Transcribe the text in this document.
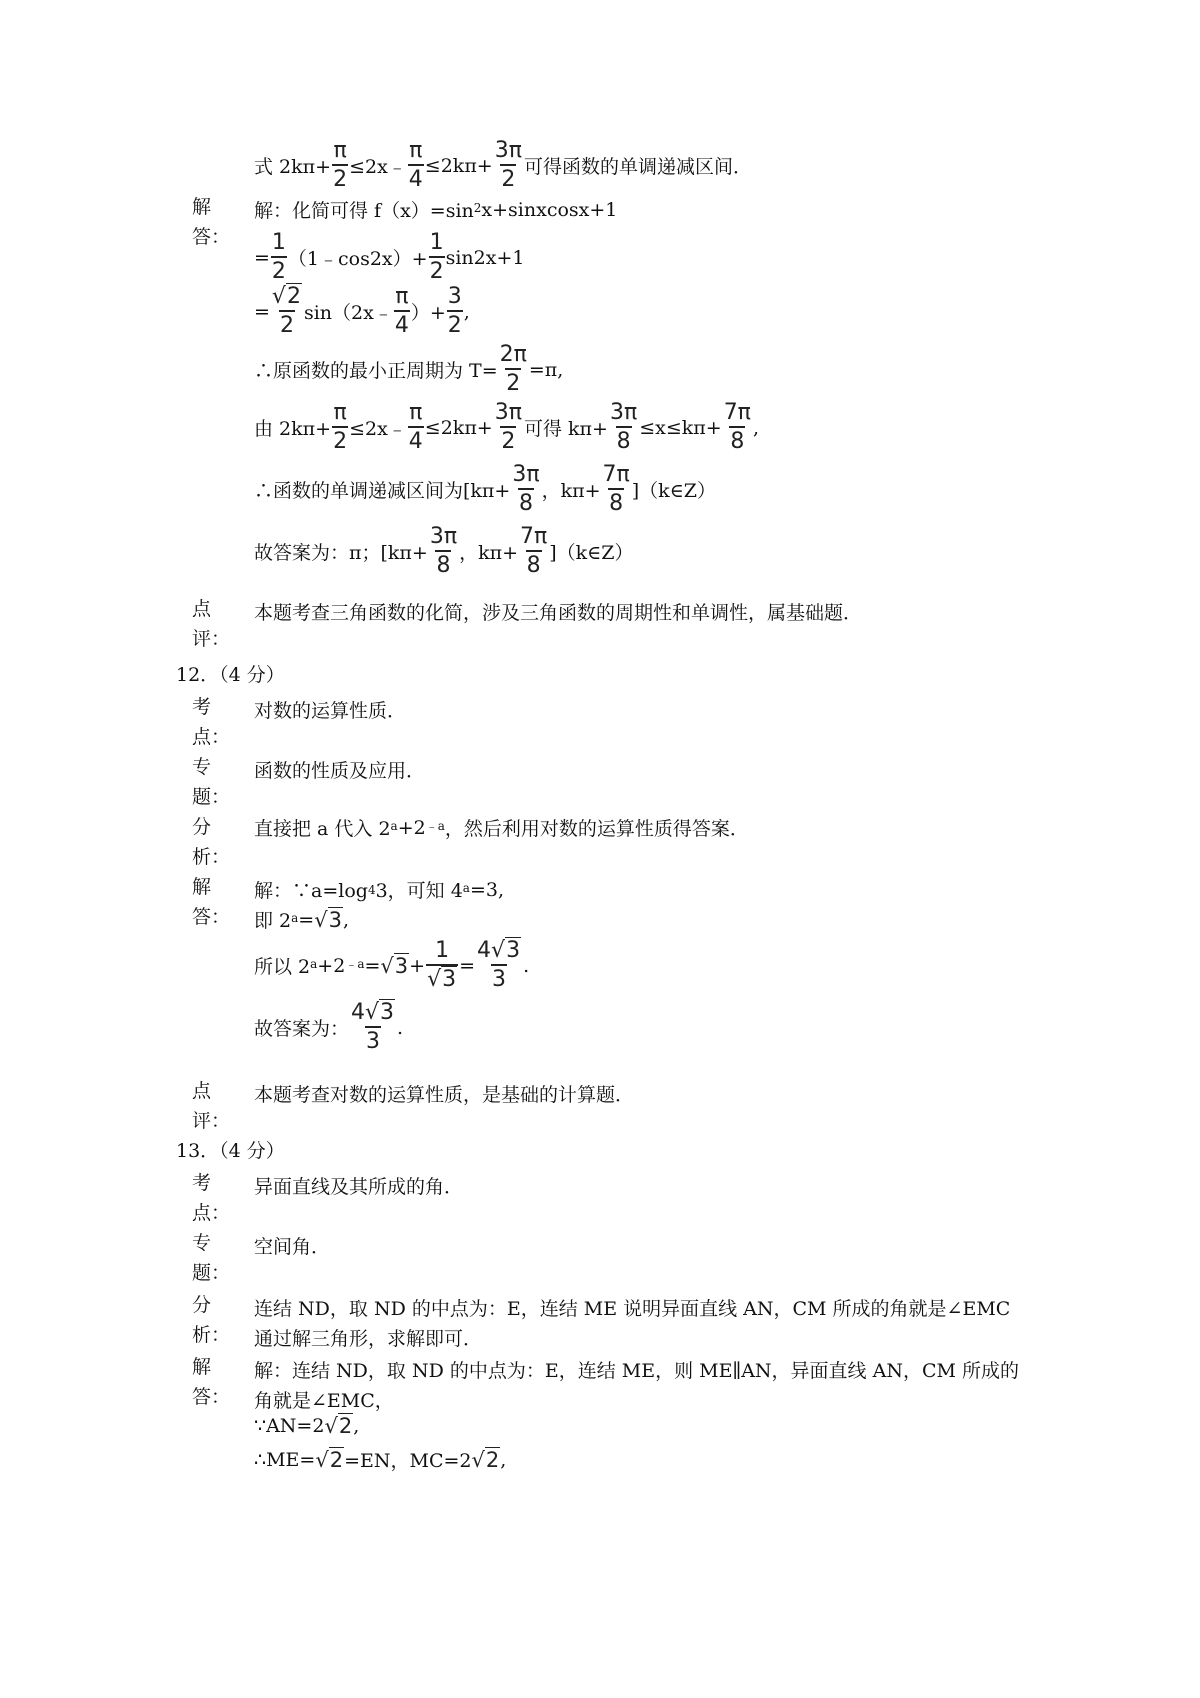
式 $2k\pi+ \frac{\pi}{2}$ ≤2x﹣ $\frac{\pi}{4} \le 2k\pi+ \frac{3\pi}{2}$ 可得函数的单调递减区间．
解
答：
解：化简可得 $f(x)=\sin^2$ x+sinxcosx+1
= $\frac{1}{2}$ （1﹣cos2x）+ $\frac{1}{2} \sin 2x+1$
= $\frac{√2}{2}$ sin（2x﹣ $\frac{\pi}{4}$ ）+ $\frac{3}{2}$ ,
∴原函数的最小正周期为 $T= \frac{2\pi}{2} =\pi$,
由 $2k\pi+ \frac{\pi}{2}$ ≤2x﹣ $\frac{\pi}{4} \le 2k\pi+ \frac{3\pi}{2}$ 可得 $k\pi+ \frac{3\pi}{8} \le x\le k\pi+ \frac{7\pi}{8}$ ,
∴函数的单调递减区间为[$k\pi+ \frac{3\pi}{8}$ ，$k\pi+ \frac{7\pi}{8}$ ]（k∈Z）
故答案为：π；[$k\pi+ \frac{3\pi}{8}$ ，$k\pi+ \frac{7\pi}{8}$ ]（k∈Z）
点
评：
本题考查三角函数的化简，涉及三角函数的周期性和单调性，属基础题．
12．（4 分）
考
点：
对数的运算性质．
专
题：
函数的性质及应用．
分
析：
直接把 a 代入 $2^a +2^{﹣a}$ ，然后利用对数的运算性质得答案．
解
答：
解：∵a=log 4 3，可知 $4^a =3$,
即 $2^a = √3$ ,
所以 $2^a +2^{﹣a} = √3 + \frac{1}{√3} = \frac{4√3}{3}$ .
故答案为： $\frac{4√3}{3}$ .
点
评：
本题考查对数的运算性质，是基础的计算题．
13．（4 分）
考
点：
异面直线及其所成的角．
专
题：
空间角．
分
析：
连结 ND，取 ND 的中点为：E，连结 ME 说明异面直线 AN，CM 所成的角就是∠EMC
通过解三角形，求解即可．
解
答：
解：连结 ND，取 ND 的中点为：E，连结 ME，则 ME∥AN，异面直线 AN，CM 所成的
角就是∠EMC，
∵AN=2 √2 ,
∴ME= √2 =EN，MC=2 √2 ,
